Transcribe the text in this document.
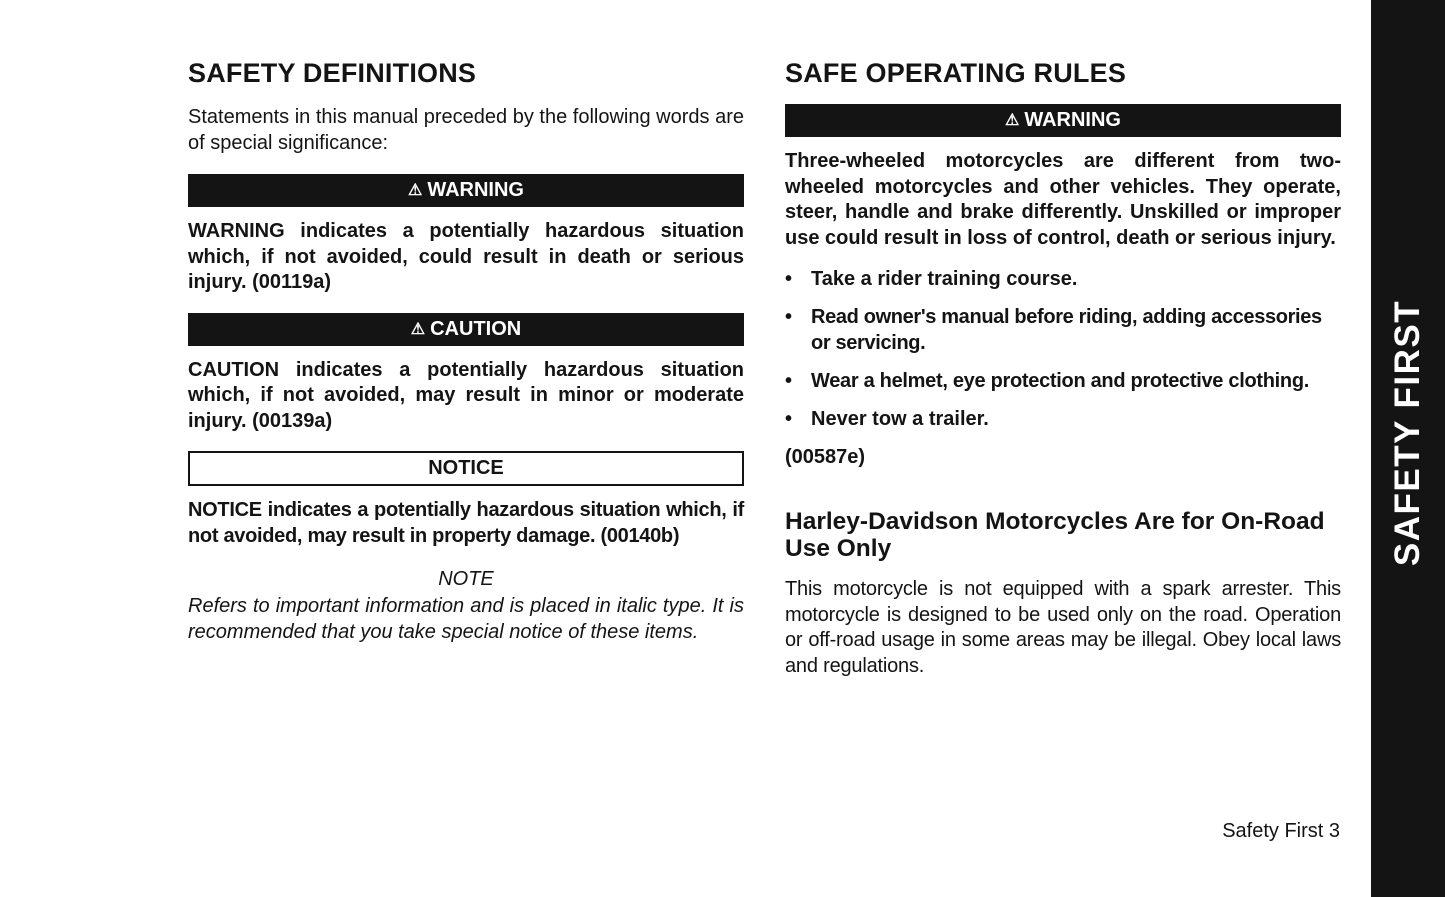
SAFETY DEFINITIONS

Statements in this manual preceded by the following words are of special significance:

⚠ WARNING

WARNING indicates a potentially hazardous situation which, if not avoided, could result in death or serious injury. (00119a)

⚠ CAUTION

CAUTION indicates a potentially hazardous situation which, if not avoided, may result in minor or moderate injury. (00139a)

NOTICE

NOTICE indicates a potentially hazardous situation which, if not avoided, may result in property damage. (00140b)

NOTE

Refers to important information and is placed in italic type. It is recommended that you take special notice of these items.

SAFE OPERATING RULES
⚠ WARNING

Three-wheeled motorcycles are different from two-wheeled motorcycles and other vehicles. They operate, steer, handle and brake differently. Unskilled or improper use could result in loss of control, death or serious injury.

• Take a rider training course.
• Read owner's manual before riding, adding accessories or servicing.
• Wear a helmet, eye protection and protective clothing.
• Never tow a trailer.

(00587e)

Harley-Davidson Motorcycles Are for On-Road Use Only

This motorcycle is not equipped with a spark arrester. This motorcycle is designed to be used only on the road. Operation or off-road usage in some areas may be illegal. Obey local laws and regulations.

SAFETY FIRST
Safety First 3
